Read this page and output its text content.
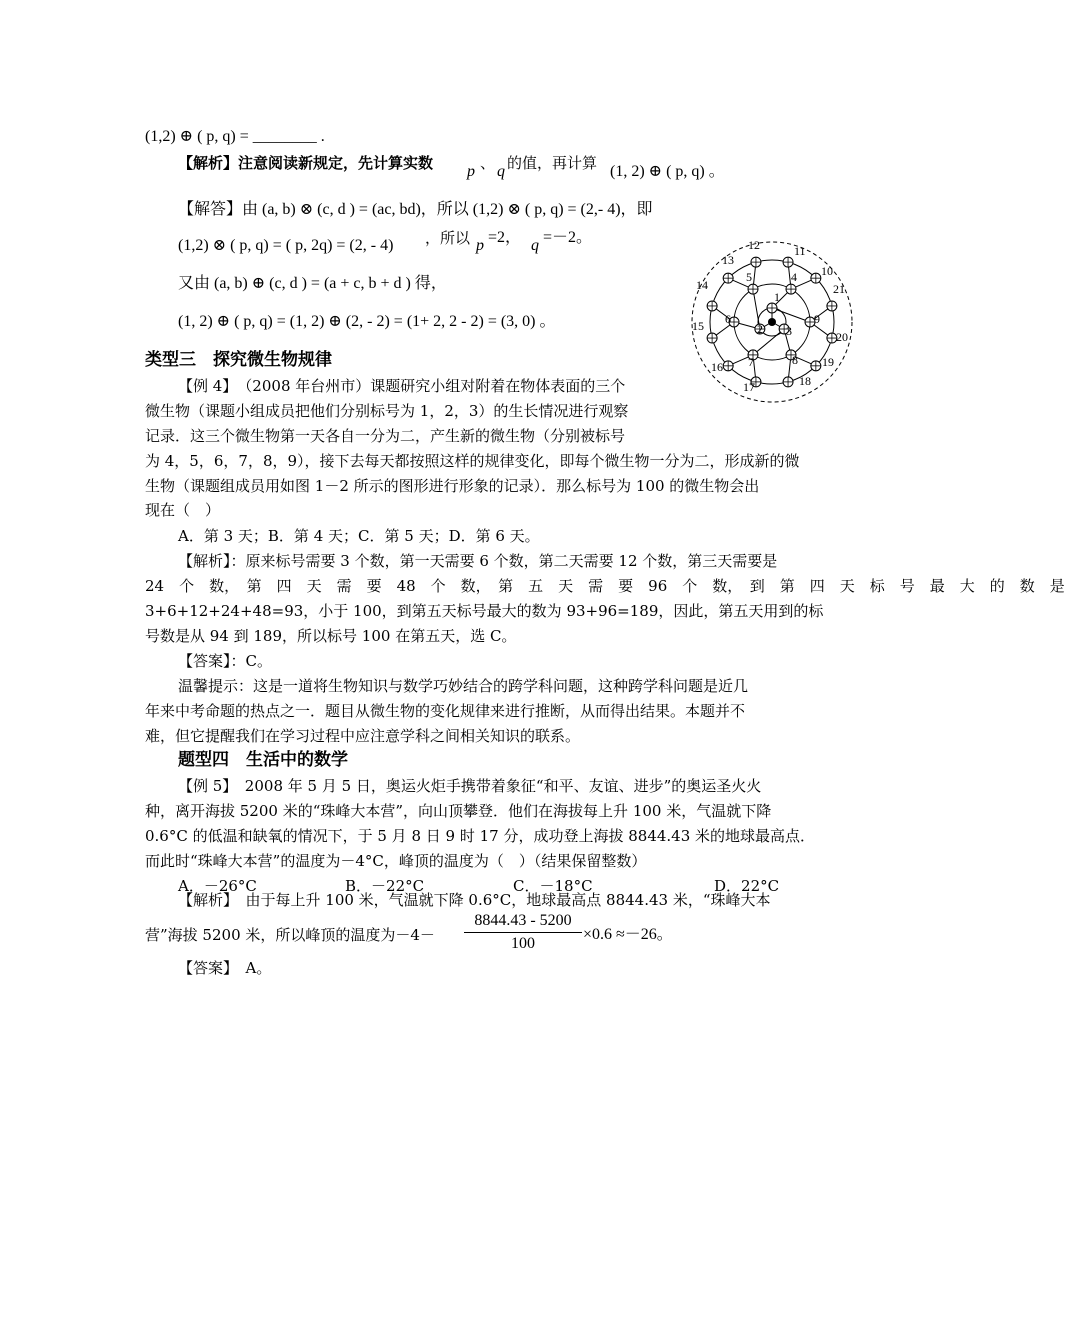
(1,2) ⊕ ( p, q) = ________ .
【解析】注意阅读新规定，先计算实数 p 、 q 的值，再计算 (1, 2) ⊕ ( p, q) 。
【解答】由 (a, b) ⊗ (c, d ) = (ac, bd)，所以 (1,2) ⊗ ( p, q) = (2,- 4)，即
(1,2) ⊗ ( p, q) = ( p, 2q) = (2, - 4) ，所以 p =2， q =－2。
又由 (a, b) ⊕ (c, d ) = (a + c, b + d ) 得，
(1, 2) ⊕ ( p, q) = (1, 2) ⊕ (2, - 2) = (1+ 2, 2 - 2) = (3, 0) 。
类型三　探究微生物规律
【例 4】　（2008 年台州市）课题研究小组对附着在物体表面的三个
微生物（课题小组成员把他们分别标号为 1，2，3）的生长情况进行观察
记录．这三个微生物第一天各自一分为二，产生新的微生物（分别被标号
为 4，5，6，7，8，9），接下去每天都按照这样的规律变化，即每个微生物一分为二，形成新的微
生物（课题组成员用如图 1－2 所示的图形进行形象的记录）．那么标号为 100 的微生物会出
现在（　）
A．第 3 天；B．第 4 天；C．第 5 天；D．第 6 天。
【解析】：原来标号需要 3 个数，第一天需要 6 个数，第二天需要 12 个数，第三天需要是
24　个　数，　第　四　天　需　要　48　个　数，　第　五　天　需　要　96　个　数，　到　第　四　天　标　号　最　大　的　数　是
3+6+12+24+48=93，小于 100，到第五天标号最大的数为 93+96=189，因此，第五天用到的标
号数是从 94 到 189，所以标号 100 在第五天，选 C。
【答案】：C。
温馨提示：这是一道将生物知识与数学巧妙结合的跨学科问题，这种跨学科问题是近几
年来中考命题的热点之一．题目从微生物的变化规律来进行推断，从而得出结果。本题并不
难，但它提醒我们在学习过程中应注意学科之间相关知识的联系。
题型四　生活中的数学
【例 5】　2008 年 5 月 5 日，奥运火炬手携带着象征“和平、友谊、进步”的奥运圣火火
种，离开海拔 5200 米的“珠峰大本营”，向山顶攀登．他们在海拔每上升 100 米，气温就下降
0.6°C 的低温和缺氧的情况下，于 5 月 8 日 9 时 17 分，成功登上海拔 8844.43 米的地球最高点．
而此时“珠峰大本营”的温度为－4°C，峰顶的温度为（　）（结果保留整数）
A．－26°C	B．－22°C	C．－18°C	D．22°C
【解析】　由于每上升 100 米，气温就下降 0.6°C，地球最高点 8844.43 米，“珠峰大本
营”海拔 5200 米，所以峰顶的温度为$-4- \frac{8844.43 - 5200}{100} \times 0.6 \approx-26$。
【答案】　A。
1
2 3
4
5
6
7	8
9
10
11
12
13
14
15
16
17	18
19
20
21
